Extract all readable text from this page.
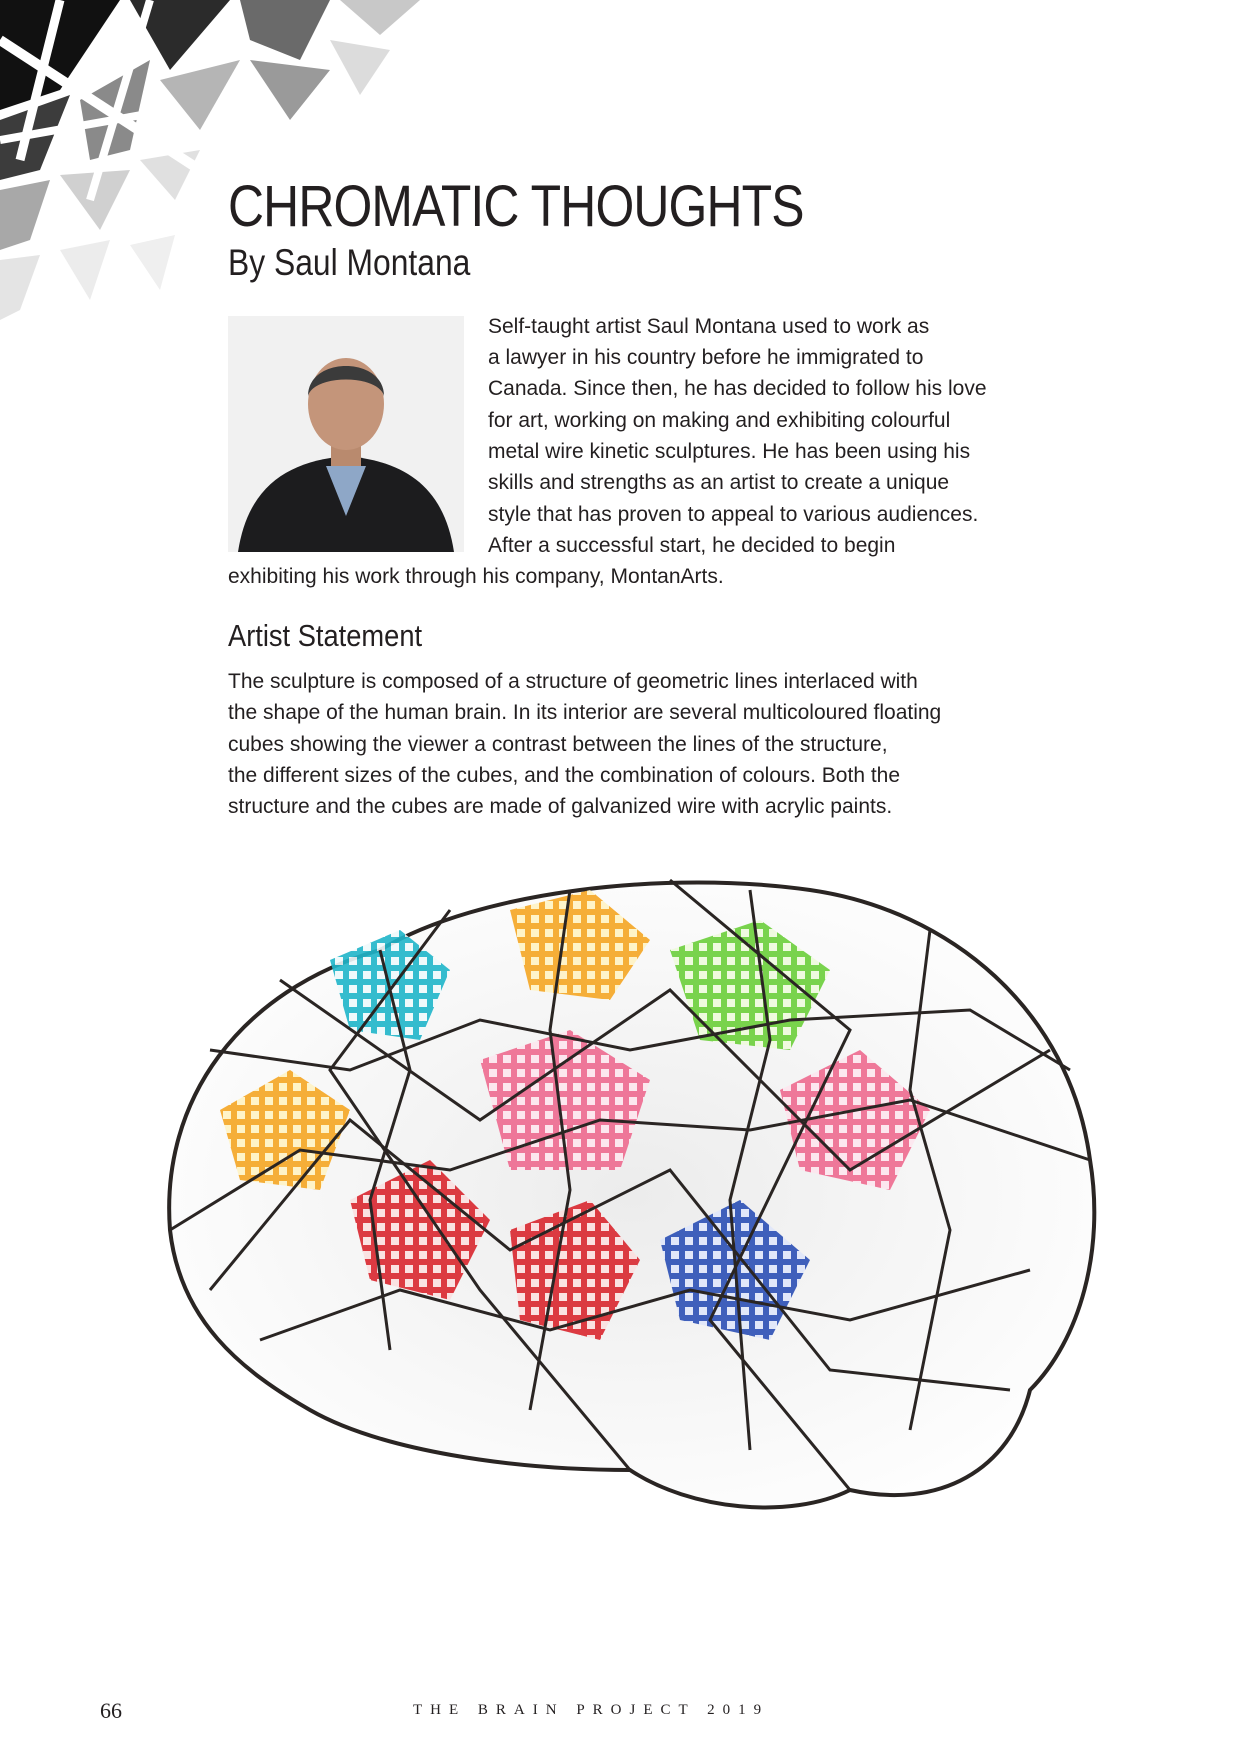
CHROMATIC THOUGHTS
By Saul Montana
Self-taught artist Saul Montana used to work as
a lawyer in his country before he immigrated to
Canada. Since then, he has decided to follow his love
for art, working on making and exhibiting colourful
metal wire kinetic sculptures. He has been using his
skills and strengths as an artist to create a unique
style that has proven to appeal to various audiences.
After a successful start, he decided to begin
exhibiting his work through his company, MontanArts.
Artist Statement
The sculpture is composed of a structure of geometric lines interlaced with
the shape of the human brain. In its interior are several multicoloured floating
cubes showing the viewer a contrast between the lines of the structure,
the different sizes of the cubes, and the combination of colours. Both the
structure and the cubes are made of galvanized wire with acrylic paints.
66	THE BRAIN PROJECT 2019
